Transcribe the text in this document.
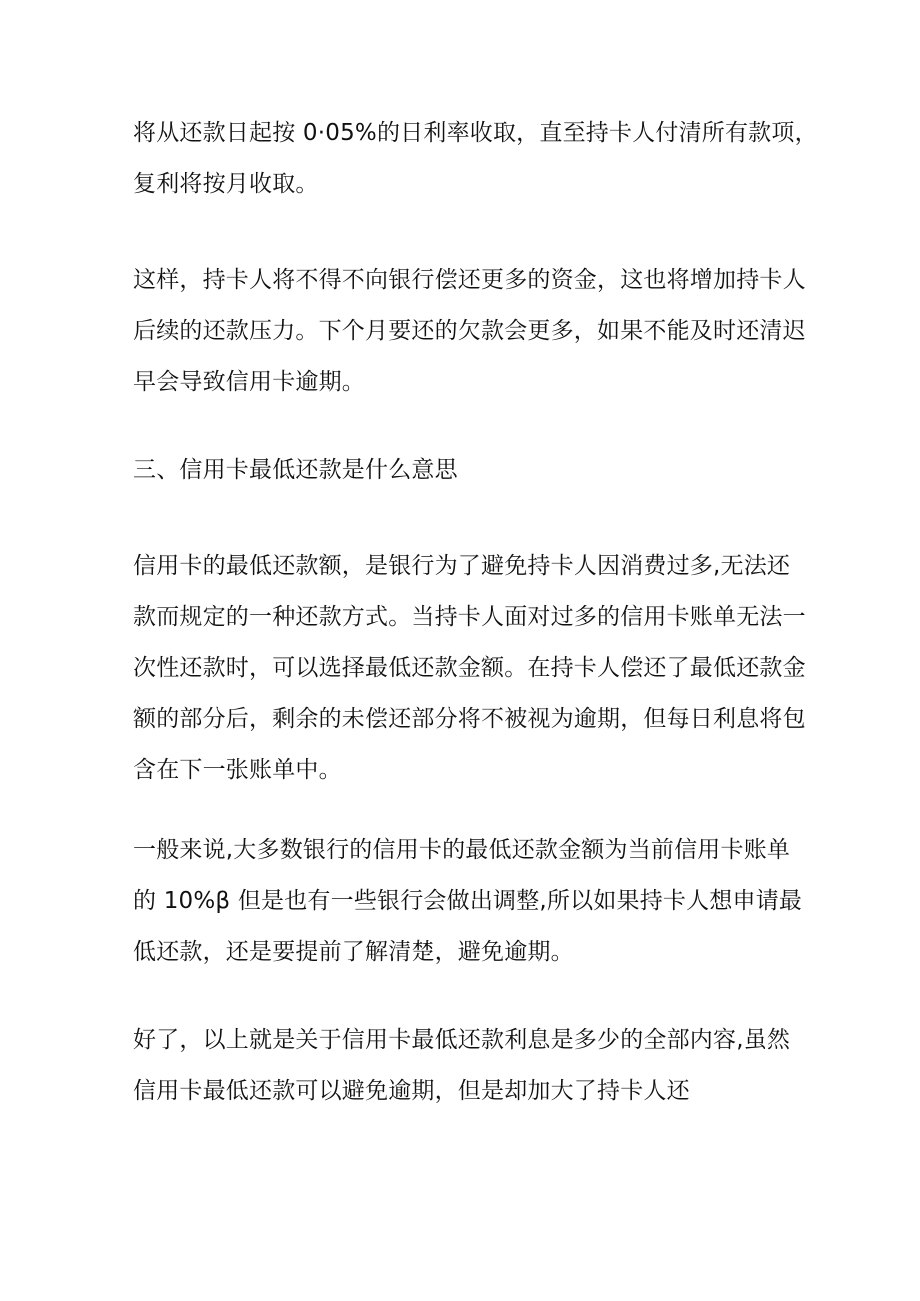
将从还款日起按 0·05%的日利率收取，直至持卡人付清所有款项，
复利将按月收取。
这样，持卡人将不得不向银行偿还更多的资金，这也将增加持卡人
后续的还款压力。下个月要还的欠款会更多，如果不能及时还清迟
早会导致信用卡逾期。
三、信用卡最低还款是什么意思
信用卡的最低还款额，是银行为了避免持卡人因消费过多,无法还
款而规定的一种还款方式。当持卡人面对过多的信用卡账单无法一
次性还款时，可以选择最低还款金额。在持卡人偿还了最低还款金
额的部分后，剩余的未偿还部分将不被视为逾期，但每日利息将包
含在下一张账单中。
一般来说,大多数银行的信用卡的最低还款金额为当前信用卡账单
的 10%β 但是也有一些银行会做出调整,所以如果持卡人想申请最
低还款，还是要提前了解清楚，避免逾期。
好了，以上就是关于信用卡最低还款利息是多少的全部内容,虽然
信用卡最低还款可以避免逾期，但是却加大了持卡人还
